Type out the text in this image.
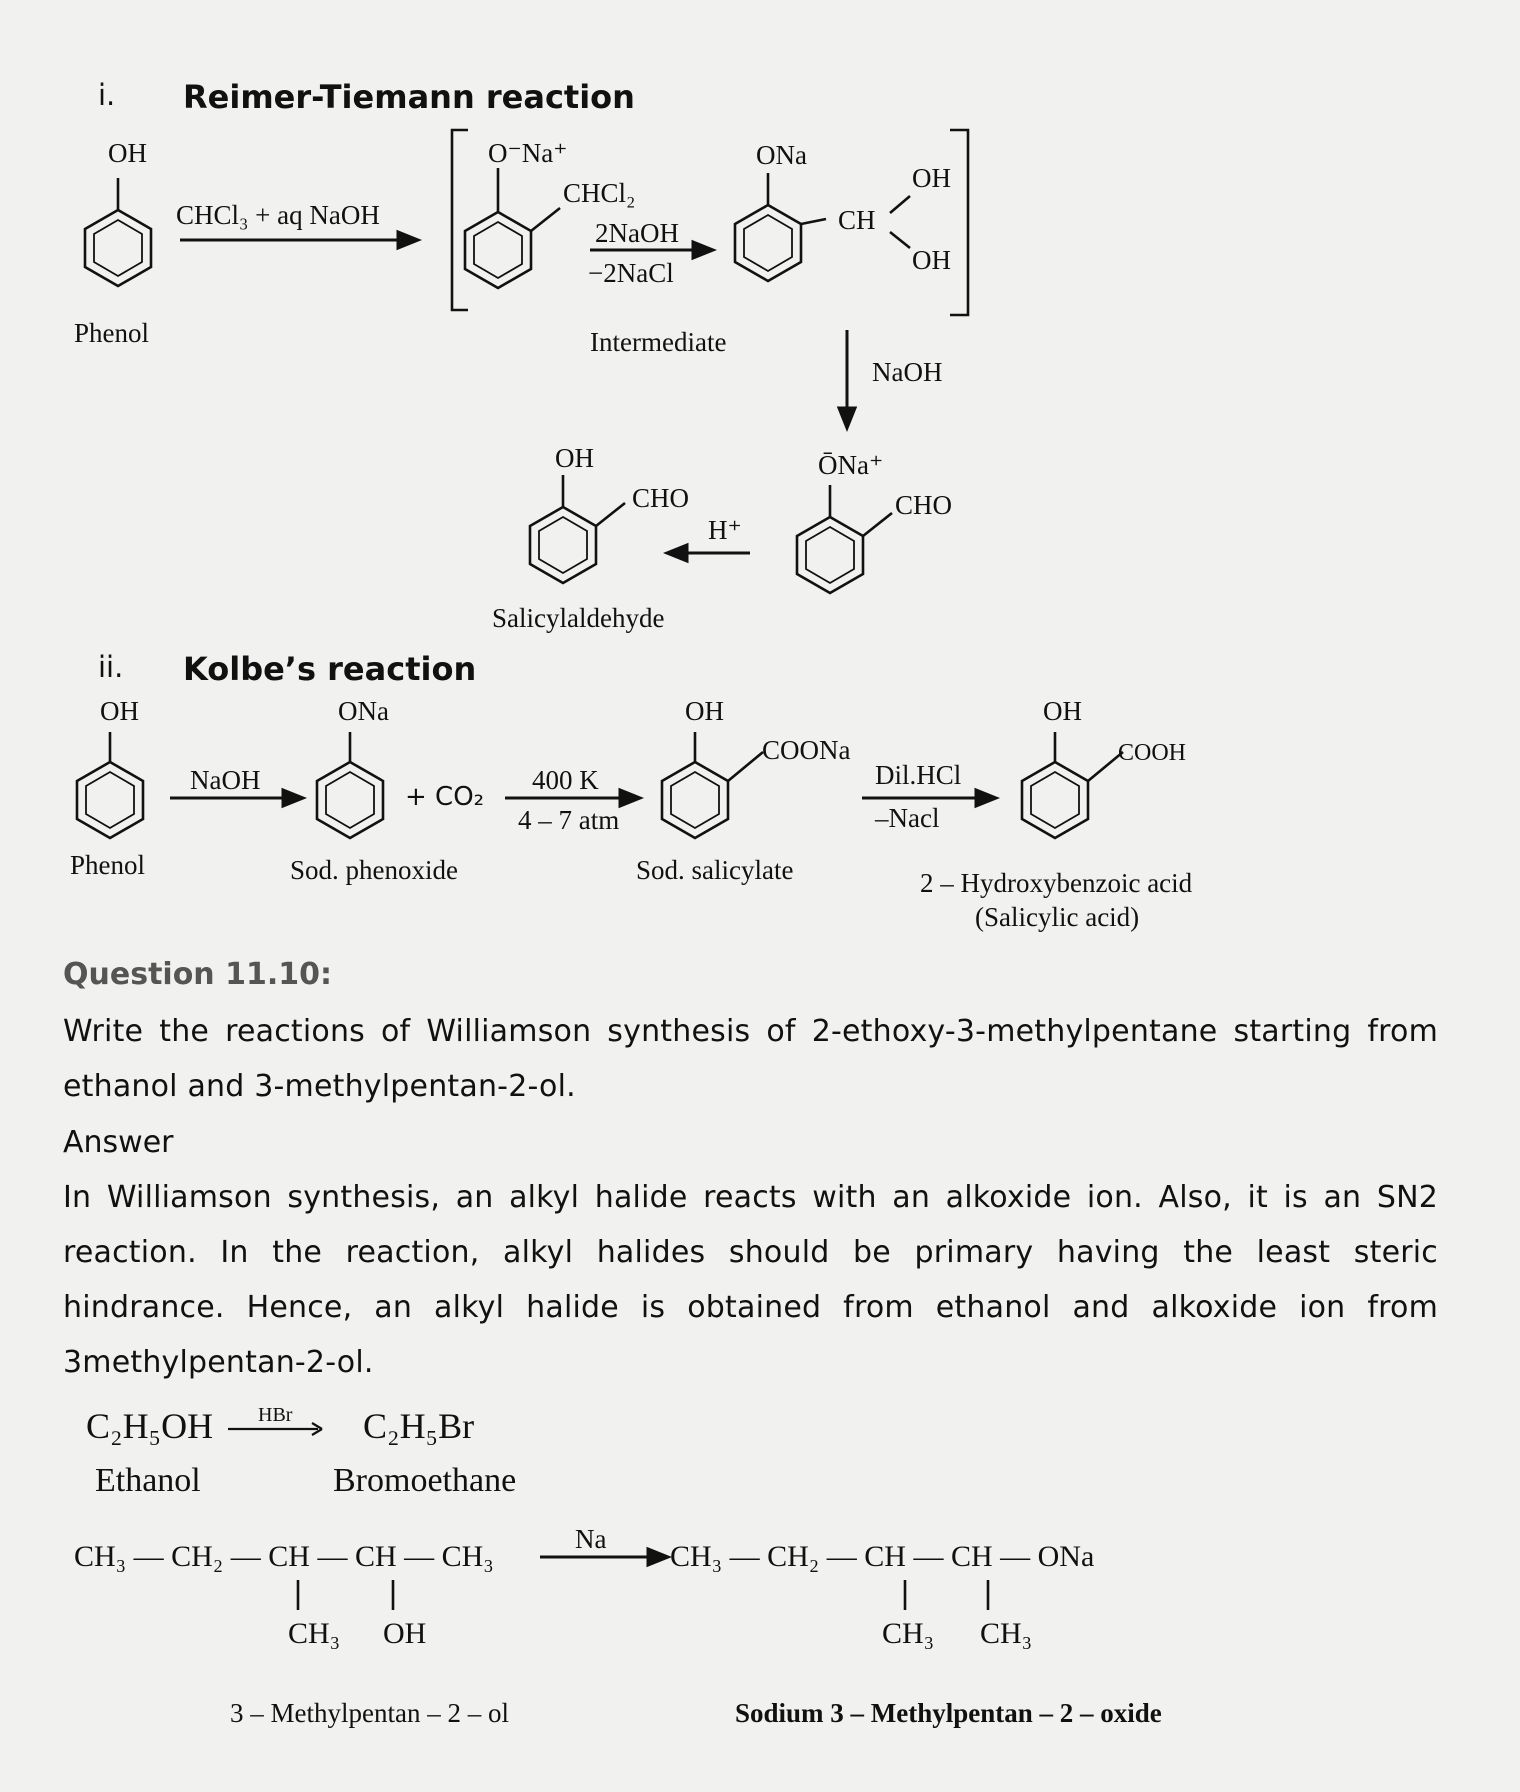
i. Reimer-Tiemann reaction
OH
CHCl₃ + aq NaOH
Phenol
O⁻Na⁺
CHCl₂
2NaOH
−2NaCl
ONa
CH
OH
OH
Intermediate
NaOH
ŌNa⁺
CHO
H⁺
OH
CHO
Salicylaldehyde
ii. Kolbe’s reaction
OH
Phenol
NaOH
ONa
Sod. phenoxide
+ CO₂
400 K
4 – 7 atm
OH
COONa
Sod. salicylate
Dil.HCl
–Nacl
OH
COOH
2 – Hydroxybenzoic acid
(Salicylic acid)
Question 11.10:
Write the reactions of Williamson synthesis of 2-ethoxy-3-methylpentane starting from ethanol and 3-methylpentan-2-ol.
Answer
In Williamson synthesis, an alkyl halide reacts with an alkoxide ion. Also, it is an SN2 reaction. In the reaction, alkyl halides should be primary having the least steric hindrance. Hence, an alkyl halide is obtained from ethanol and alkoxide ion from 3methylpentan-2-ol.
C₂H₅OH HBr C₂H₅Br
Ethanol	Bromoethane
CH₃ — CH₂ — CH — CH — CH₃
CH₃ OH
Na
CH₃ — CH₂ — CH — CH — ONa
CH₃ CH₃
3 – Methylpentan – 2 – ol	Sodium 3 – Methylpentan – 2 – oxide
